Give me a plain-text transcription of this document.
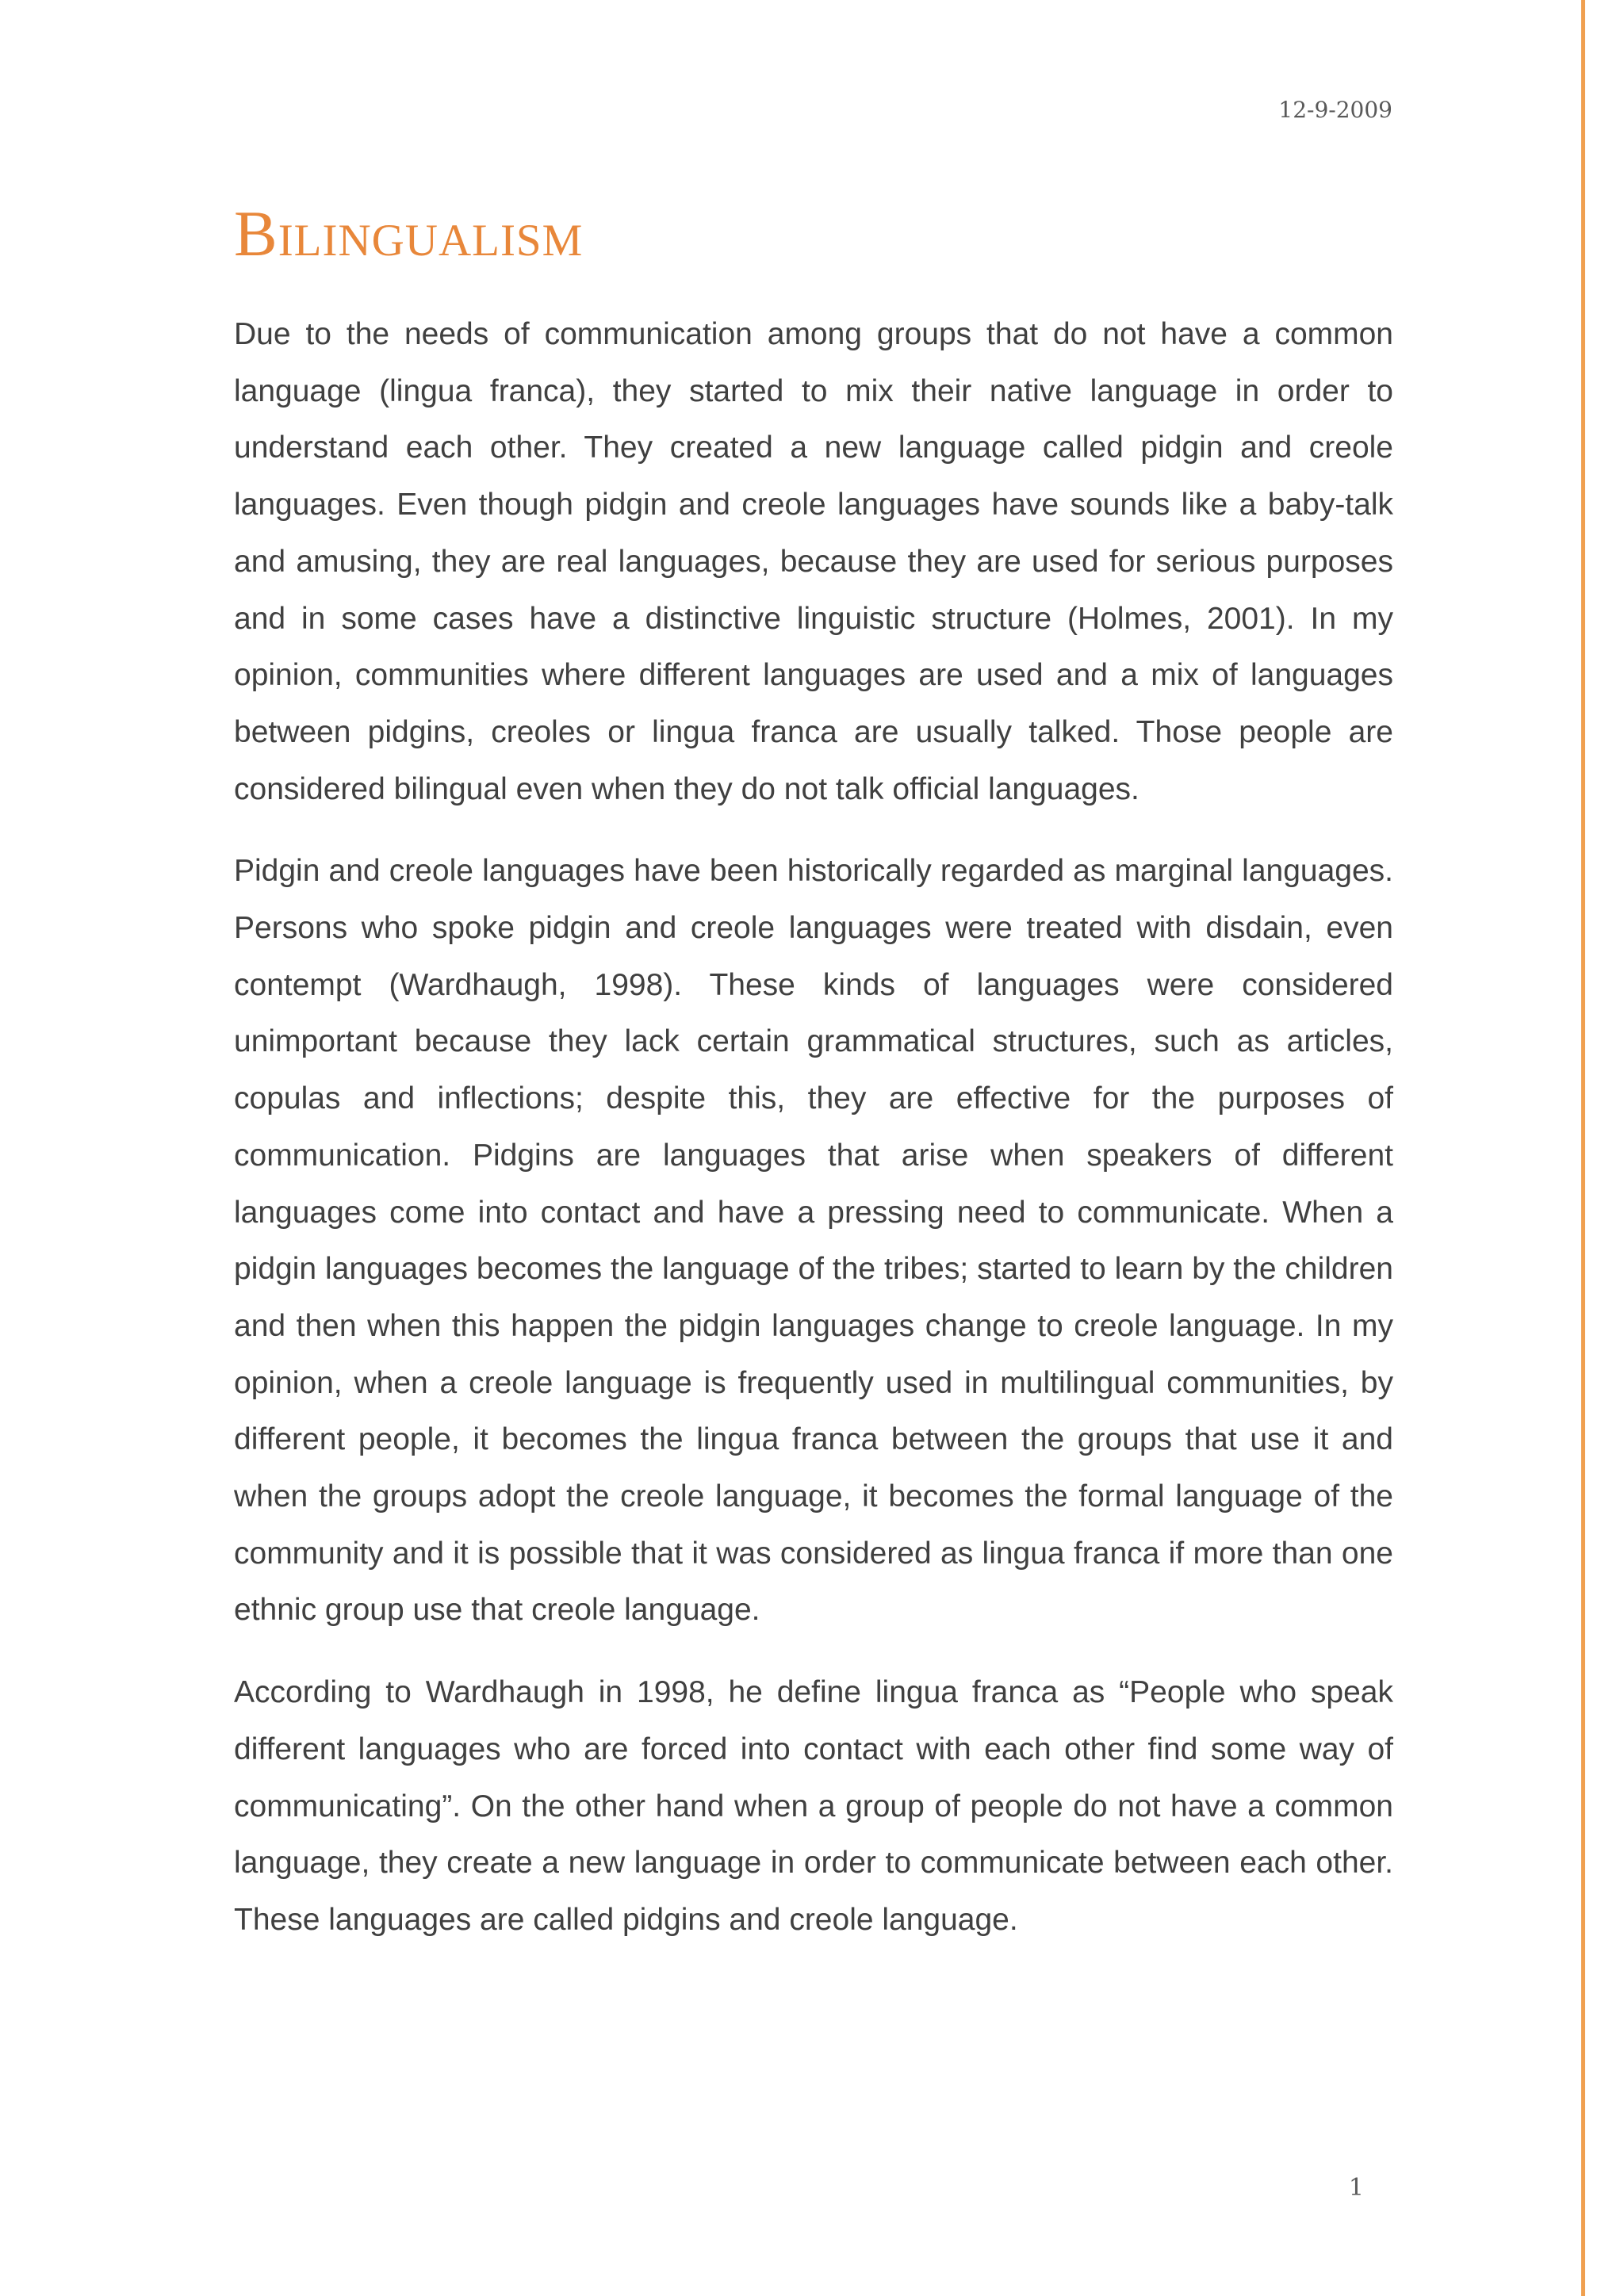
12-9-2009
Bilingualism

Due to the needs of communication among groups that do not have a common language (lingua franca), they started to mix their native language in order to understand each other. They created a new language called pidgin and creole languages. Even though pidgin and creole languages have sounds like a baby-talk and amusing, they are real languages, because they are used for serious purposes and in some cases have a distinctive linguistic structure (Holmes, 2001). In my opinion, communities where different languages are used and a mix of languages between pidgins, creoles or lingua franca are usually talked. Those people are considered bilingual even when they do not talk official languages.

Pidgin and creole languages have been historically regarded as marginal languages. Persons who spoke pidgin and creole languages were treated with disdain, even contempt (Wardhaugh, 1998). These kinds of languages were considered unimportant because they lack certain grammatical structures, such as articles, copulas and inflections; despite this, they are effective for the purposes of communication. Pidgins are languages that arise when speakers of different languages come into contact and have a pressing need to communicate. When a pidgin languages becomes the language of the tribes; started to learn by the children and then when this happen the pidgin languages change to creole language. In my opinion, when a creole language is frequently used in multilingual communities, by different people, it becomes the lingua franca between the groups that use it and when the groups adopt the creole language, it becomes the formal language of the community and it is possible that it was considered as lingua franca if more than one ethnic group use that creole language.

According to Wardhaugh in 1998, he define lingua franca as “People who speak different languages who are forced into contact with each other find some way of communicating”. On the other hand when a group of people do not have a common language, they create a new language in order to communicate between each other. These languages are called pidgins and creole language.

1
